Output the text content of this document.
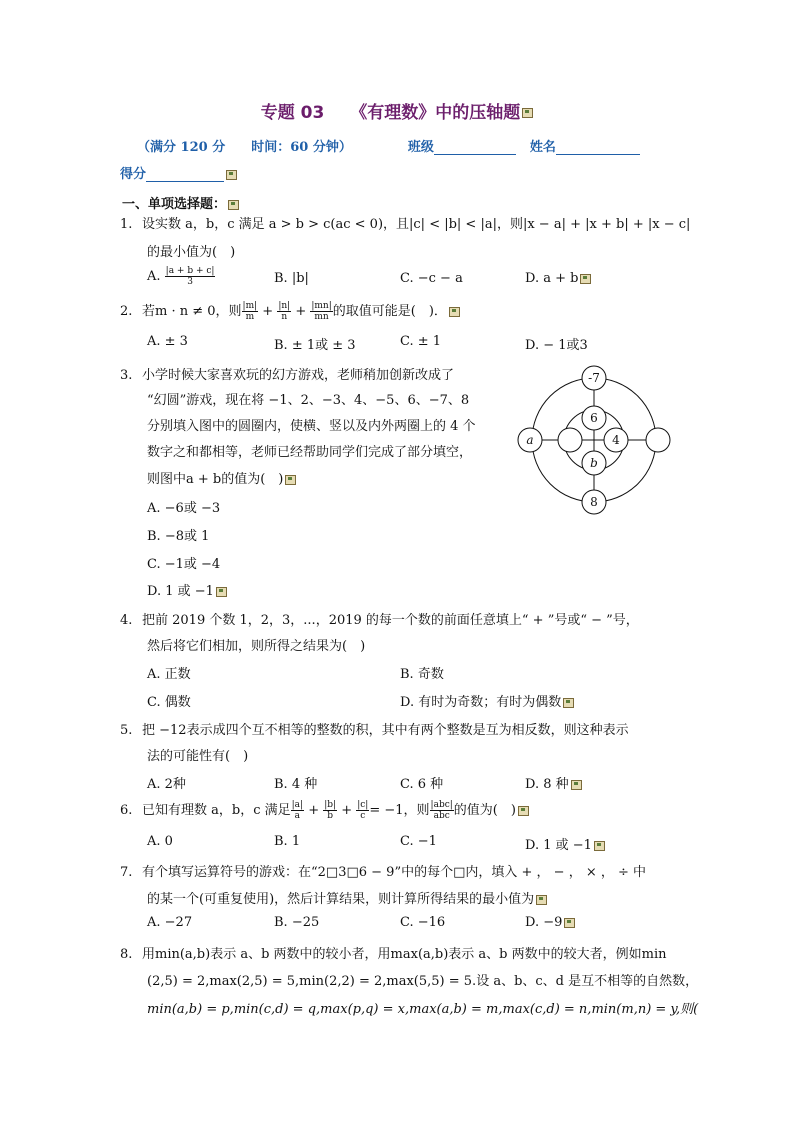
专题 03 《有理数》中的压轴题
（满分 120 分 时间：60 分钟）	班级	姓名
得分
一、单项选择题：
1. 设实数 a，b，c 满足 a > b > c(ac < 0)，且|c| < |b| < |a|，则|x − a| + |x + b| + |x − c|
的最小值为(　)
A. $\frac{|a + b + c|}{3}$	B. |b|	C. −c − a	D. a + b
2. 若m · n ≠ 0，则 $\frac{|m|}{m} + \frac{|n|}{n} + \frac{|mn|}{mn}$ 的取值可能是(　)．
A. ± 3	B. ± 1或 ± 3	C. ± 1	D. − 1或3
3. 小学时候大家喜欢玩的幻方游戏，老师稍加创新改成了
“幻圆”游戏，现在将 −1、2、−3、4、−5、6、−7、8
分别填入图中的圆圈内，使横、竖以及内外两圈上的 4 个
数字之和都相等，老师已经帮助同学们完成了部分填空，
则图中a + b的值为(　)
A. −6或 −3
B. −8或 1
C. −1或 −4
D. 1 或 −1
-7
6
4
a
b
8
4. 把前 2019 个数 1，2，3，...，2019 的每一个数的前面任意填上“ + ”号或“ − ”号，
然后将它们相加，则所得之结果为(　)
A. 正数	B. 奇数
C. 偶数	D. 有时为奇数；有时为偶数
5. 把 −12表示成四个互不相等的整数的积，其中有两个整数是互为相反数，则这种表示
法的可能性有(　)
A. 2种	B. 4 种	C. 6 种	D. 8 种
6. 已知有理数 a，b，c 满足 $\frac{|a|}{a} + \frac{|b|}{b} + \frac{|c|}{c} = -1$，则 $\frac{\text{|abc|}}{\text{abc}}$ 的值为(　)
A. 0	B. 1	C. −1	D. 1 或 −1
7. 有个填写运算符号的游戏：在“2□3□6 − 9”中的每个□内，填入 + ， − ， × ， ÷ 中
的某一个(可重复使用)，然后计算结果，则计算所得结果的最小值为
A. −27	B. −25	C. −16	D. −9
8. 用min(a,b)表示 a、b 两数中的较小者，用max(a,b)表示 a、b 两数中的较大者，例如min
(2,5) = 2,max(2,5) = 5,min(2,2) = 2,max(5,5) = 5.设 a、b、c、d 是互不相等的自然数，
min(a,b) = p,min(c,d) = q,max(p,q) = x,max(a,b) = m,max(c,d) = n,min(m,n) = y,则(
